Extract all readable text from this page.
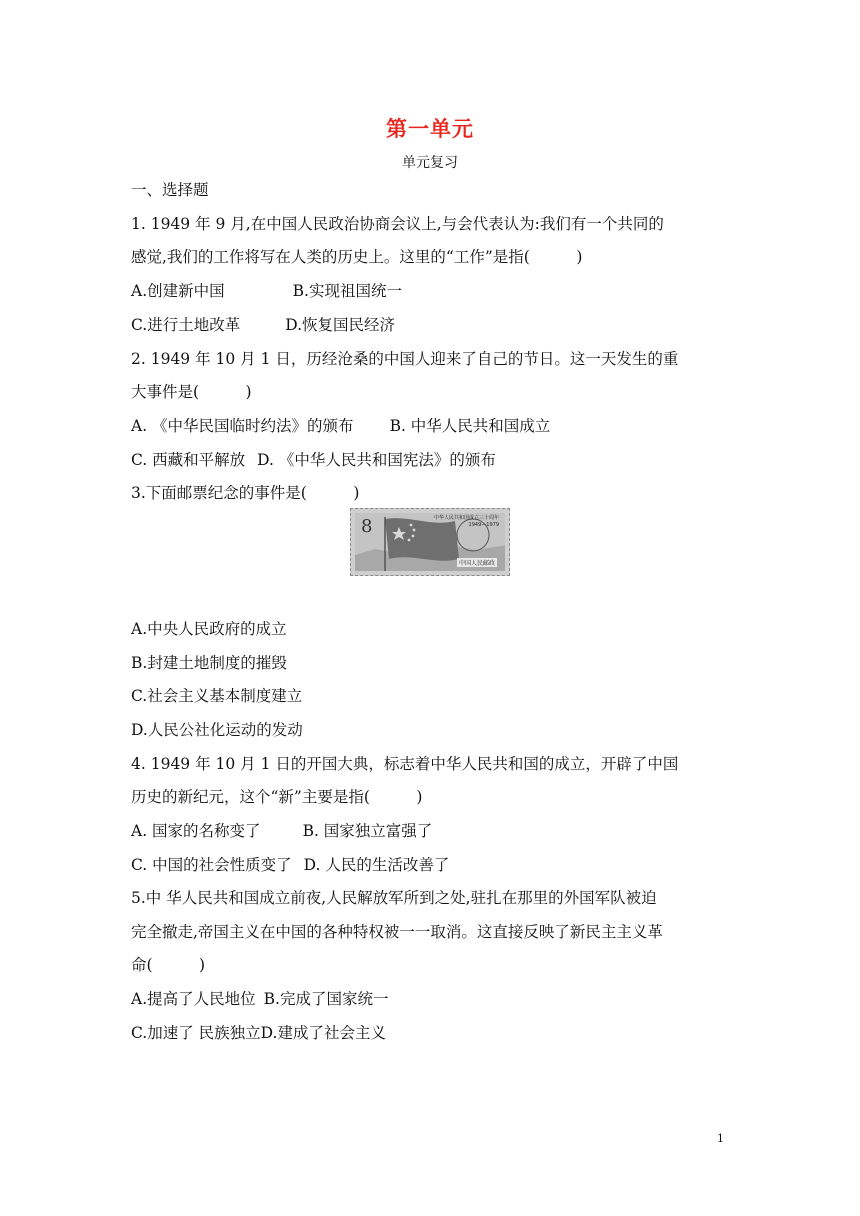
第一单元
单元复习
一、选择题
1. 1949 年 9 月,在中国人民政治协商会议上,与会代表认为:我们有一个共同的
感觉,我们的工作将写在人类的历史上。这里的“工作”是指(　　　)
A.创建新中国	B.实现祖国统一
C.进行土地改革	D.恢复国民经济
2. 1949 年 10 月 1 日，历经沧桑的中国人迎来了自己的节日。这一天发生的重
大事件是(　　　)
A. 《中华民国临时约法》的颁布 B. 中华人民共和国成立
C. 西藏和平解放 D. 《中华人民共和国宪法》的颁布
3.下面邮票纪念的事件是(　　　)
8	中华人民共和国成立三十周年
1949—1979
中国人民邮政
A.中央人民政府的成立
B.封建土地制度的摧毁
C.社会主义基本制度建立
D.人民公社化运动的发动
4. 1949 年 10 月 1 日的开国大典，标志着中华人民共和国的成立，开辟了中国
历史的新纪元，这个“新”主要是指(　　　)
A. 国家的名称变了	B. 国家独立富强了
C. 中国的社会性质变了 D. 人民的生活改善了
5.中 华人民共和国成立前夜,人民解放军所到之处,驻扎在那里的外国军队被迫
完全撤走,帝国主义在中国的各种特权被一一取消。这直接反映了新民主主义革
命(　　　)
A.提高了人民地位 B.完成了国家统一
C.加速了 民族独立D.建成了社会主义
1
